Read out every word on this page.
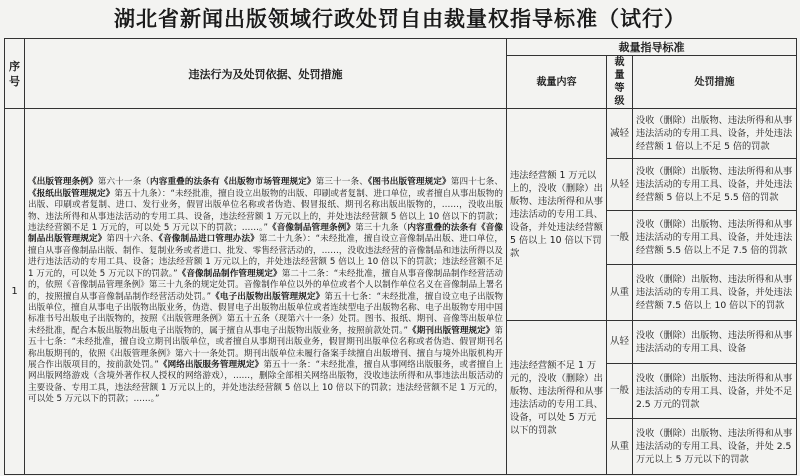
湖北省新闻出版领域行政处罚自由裁量权指导标准（试行）
序号	违法行为及处罚依据、处罚措施	裁量指导标准		
		裁量内容	裁量等级	处罚措施
1	《出版管理条例》第六十一条（内容重叠的法条有《出版物市场管理规定》第三十一条、《图书出版管理规定》第四十七条、《报纸出版管理规定》第五十九条）：“未经批准，擅自设立出版物的出版、印刷或者复制、进口单位，或者擅自从事出版物的出版、印刷或者复制、进口、发行业务，假冒出版单位名称或者伪造、假冒报纸、期刊名称出版出版物的，……，没收出版物、违法所得和从事违法活动的专用工具、设备，违法经营额 1 万元以上的，并处违法经营额 5 倍以上 10 倍以下的罚款；违法经营额不足 1 万元的，可以处 5 万元以下的罚款；……。”《音像制品管理条例》第三十九条（内容重叠的法条有《音像制品出版管理规定》第四十六条、《音像制品进口管理办法》第二十九条）：“未经批准，擅自设立音像制品出版、进口单位，擅自从事音像制品出版、制作、复制业务或者进口、批发、零售经营活动的，……，没收违法经营的音像制品和违法所得以及进行违法活动的专用工具、设备；违法经营额 1 万元以上的，并处违法经营额 5 倍以上 10 倍以下的罚款；违法经营额不足 1 万元的，可以处 5 万元以下的罚款。”《音像制品制作管理规定》第二十二条：“未经批准，擅自从事音像制品制作经营活动的，依照《音像制品管理条例》第三十九条的规定处罚。音像制作单位以外的单位或者个人以制作单位名义在音像制品上署名的，按照擅自从事音像制品制作经营活动处罚。”《电子出版物出版管理规定》第五十七条：“未经批准，擅自设立电子出版物出版单位，擅自从事电子出版物出版业务，伪造、假冒电子出版物出版单位或者连续型电子出版物名称、电子出版物专用中国标准书号出版电子出版物的，按照《出版管理条例》第五十五条（现第六十一条）处罚。图书、报纸、期刊、音像等出版单位未经批准，配合本版出版物出版电子出版物的，属于擅自从事电子出版物出版业务，按照前款处罚。”《期刊出版管理规定》第五十七条：“未经批准，擅自设立期刊出版单位，或者擅自从事期刊出版业务，假冒期刊出版单位名称或者伪造、假冒期刊名称出版期刊的，依照《出版管理条例》第六十一条处罚。期刊出版单位未履行备案手续擅自出版增刊、擅自与境外出版机构开展合作出版项目的，按前款处罚。”《网络出版服务管理规定》第五十一条：“未经批准，擅自从事网络出版服务，或者擅自上网出版网络游戏（含境外著作权人授权的网络游戏），……，删除全部相关网络出版物，没收违法所得和从事违法出版活动的主要设备、专用工具，违法经营额 1 万元以上的，并处违法经营额 5 倍以上 10 倍以下的罚款；违法经营额不足 1 万元的，可以处 5 万元以下的罚款；……。”	违法经营额 1 万元以上的，没收（删除）出版物、违法所得和从事违法活动的专用工具、设备，并处违法经营额 5 倍以上 10 倍以下罚款	减轻	没收（删除）出版物、违法所得和从事违法活动的专用工具、设备，并处违法经营额 1 倍以上不足 5 倍的罚款
			从轻	没收（删除）出版物、违法所得和从事违法活动的专用工具、设备，并处违法经营额 5 倍以上不足 5.5 倍的罚款
			一般	没收（删除）出版物、违法所得和从事违法活动的专用工具、设备，并处违法经营额 5.5 倍以上不足 7.5 倍的罚款
			从重	没收（删除）出版物、违法所得和从事违法活动的专用工具、设备，并处违法经营额 7.5 倍以上 10 倍以下的罚款
		违法经营额不足 1 万元的，没收（删除）出版物、违法所得和从事违法活动的专用工具、设备，可以处 5 万元以下的罚款	从轻	没收（删除）出版物、违法所得和从事违法活动的专用工具、设备
			一般	没收（删除）出版物、违法所得和从事违法活动的专用工具、设备，并处不足 2.5 万元的罚款
			从重	没收（删除）出版物、违法所得和从事违法活动的专用工具、设备，并处 2.5 万元以上 5 万元以下的罚款
